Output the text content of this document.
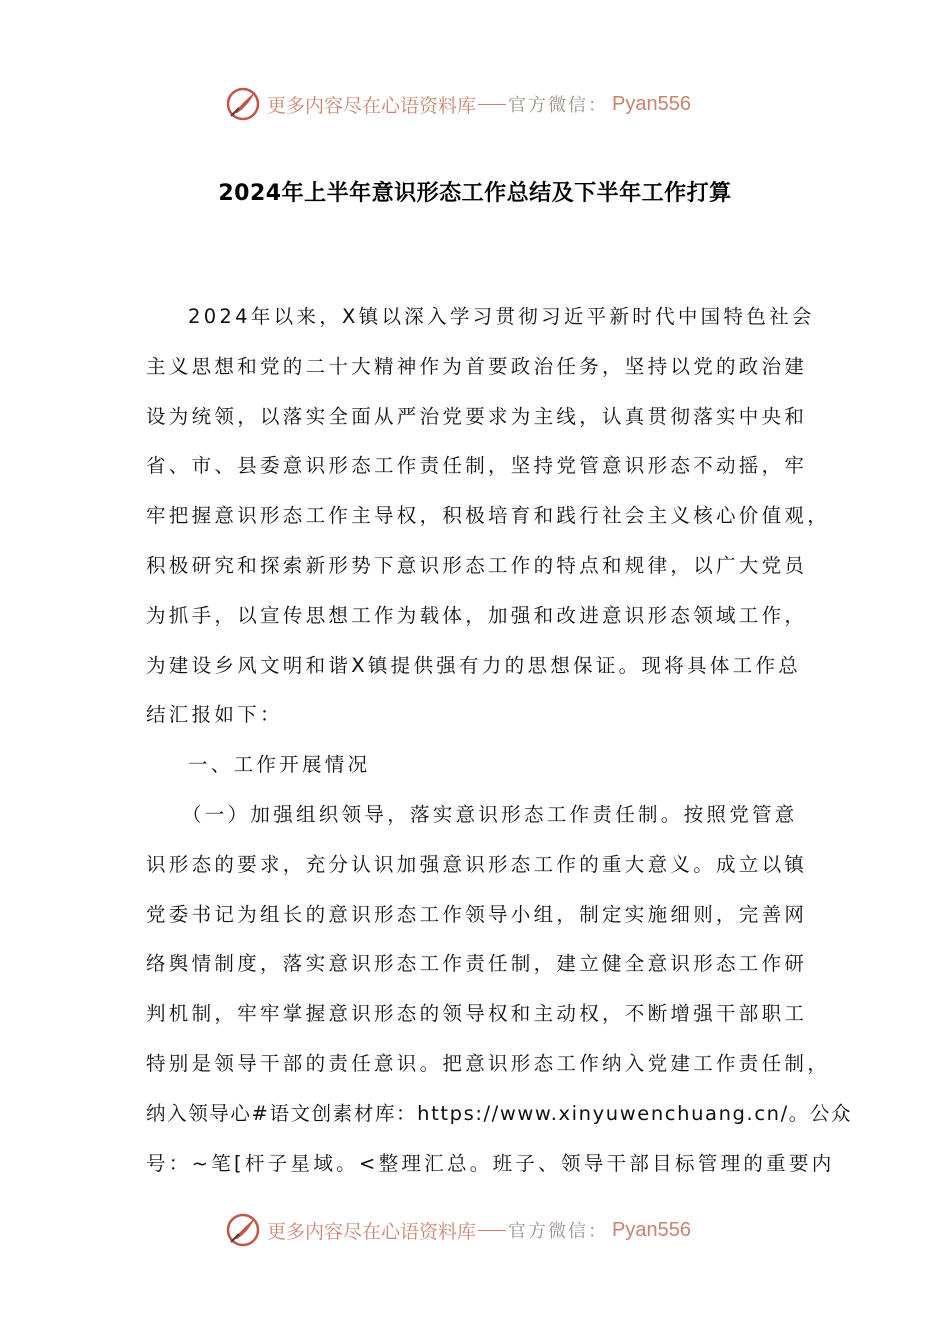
更多内容尽在心语资料库 官方微信： Pyan556
2024年上半年意识形态工作总结及下半年工作打算
2024年以来，X镇以深入学习贯彻习近平新时代中国特色社会
主义思想和党的二十大精神作为首要政治任务，坚持以党的政治建
设为统领，以落实全面从严治党要求为主线，认真贯彻落实中央和
省、市、县委意识形态工作责任制，坚持党管意识形态不动摇，牢
牢把握意识形态工作主导权，积极培育和践行社会主义核心价值观，
积极研究和探索新形势下意识形态工作的特点和规律，以广大党员
为抓手，以宣传思想工作为载体，加强和改进意识形态领域工作，
为建设乡风文明和谐X镇提供强有力的思想保证。现将具体工作总
结汇报如下：
一、工作开展情况
（一）加强组织领导，落实意识形态工作责任制。按照党管意
识形态的要求，充分认识加强意识形态工作的重大意义。成立以镇
党委书记为组长的意识形态工作领导小组，制定实施细则，完善网
络舆情制度，落实意识形态工作责任制，建立健全意识形态工作研
判机制，牢牢掌握意识形态的领导权和主动权，不断增强干部职工
特别是领导干部的责任意识。把意识形态工作纳入党建工作责任制，
纳入领导心#语文创素材库：https://www.xinyuwenchuang.cn/。公众
号：~笔[杆子星域。<整理汇总。班子、领导干部目标管理的重要内
更多内容尽在心语资料库 官方微信： Pyan556
